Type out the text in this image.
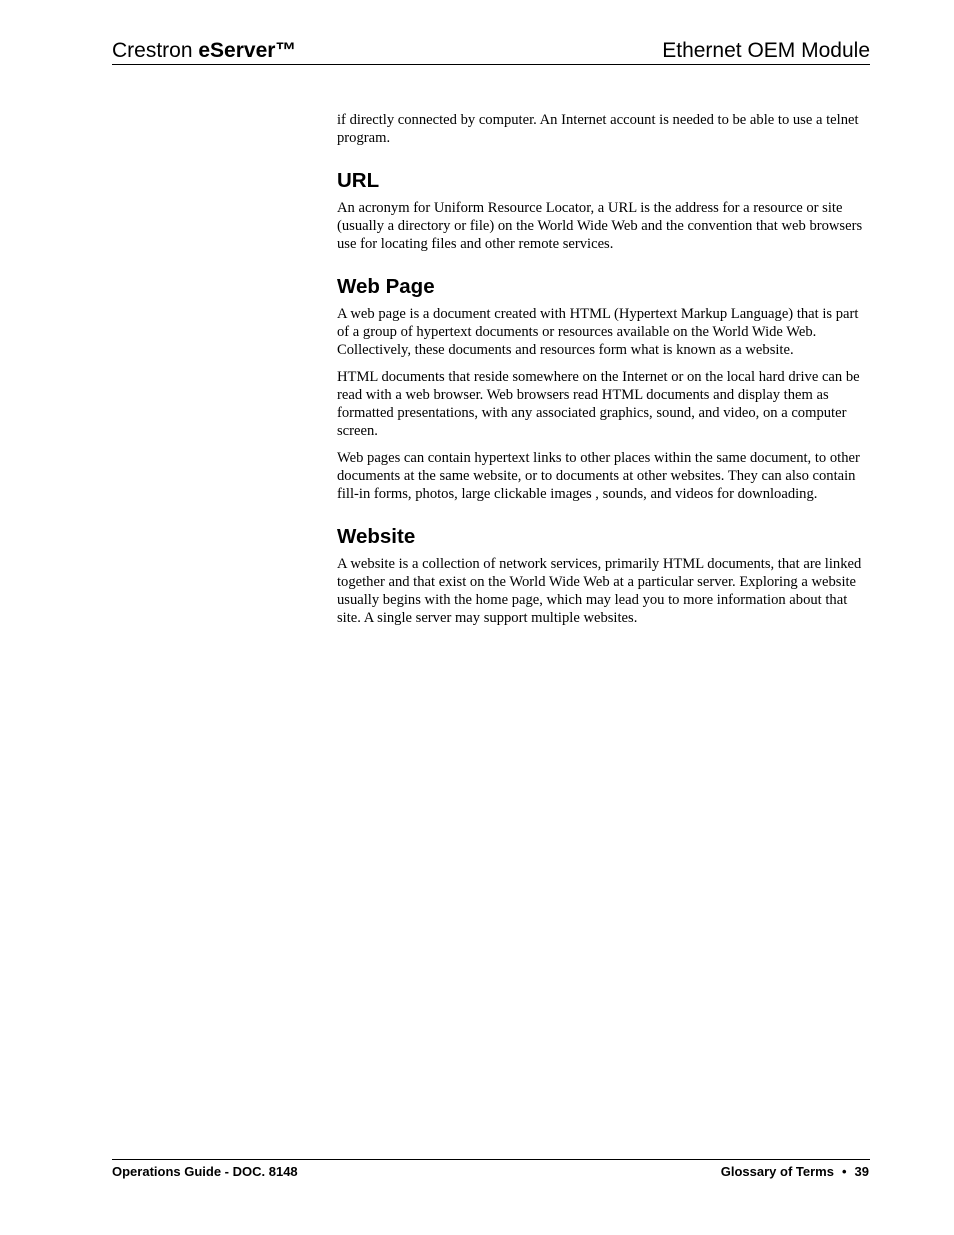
Crestron eServer™	Ethernet OEM Module

if directly connected by computer. An Internet account is needed to be able to use a telnet program.

URL

An acronym for Uniform Resource Locator, a URL is the address for a resource or site (usually a directory or file) on the World Wide Web and the convention that web browsers use for locating files and other remote services.

Web Page

A web page is a document created with HTML (Hypertext Markup Language) that is part of a group of hypertext documents or resources available on the World Wide Web. Collectively, these documents and resources form what is known as a website.

HTML documents that reside somewhere on the Internet or on the local hard drive can be read with a web browser. Web browsers read HTML documents and display them as formatted presentations, with any associated graphics, sound, and video, on a computer screen.

Web pages can contain hypertext links to other places within the same document, to other documents at the same website, or to documents at other websites. They can also contain fill-in forms, photos, large clickable images , sounds, and videos for downloading.

Website

A website is a collection of network services, primarily HTML documents, that are linked together and that exist on the World Wide Web at a particular server. Exploring a website usually begins with the home page, which may lead you to more information about that site. A single server may support multiple websites.

Operations Guide - DOC. 8148	Glossary of Terms • 39
